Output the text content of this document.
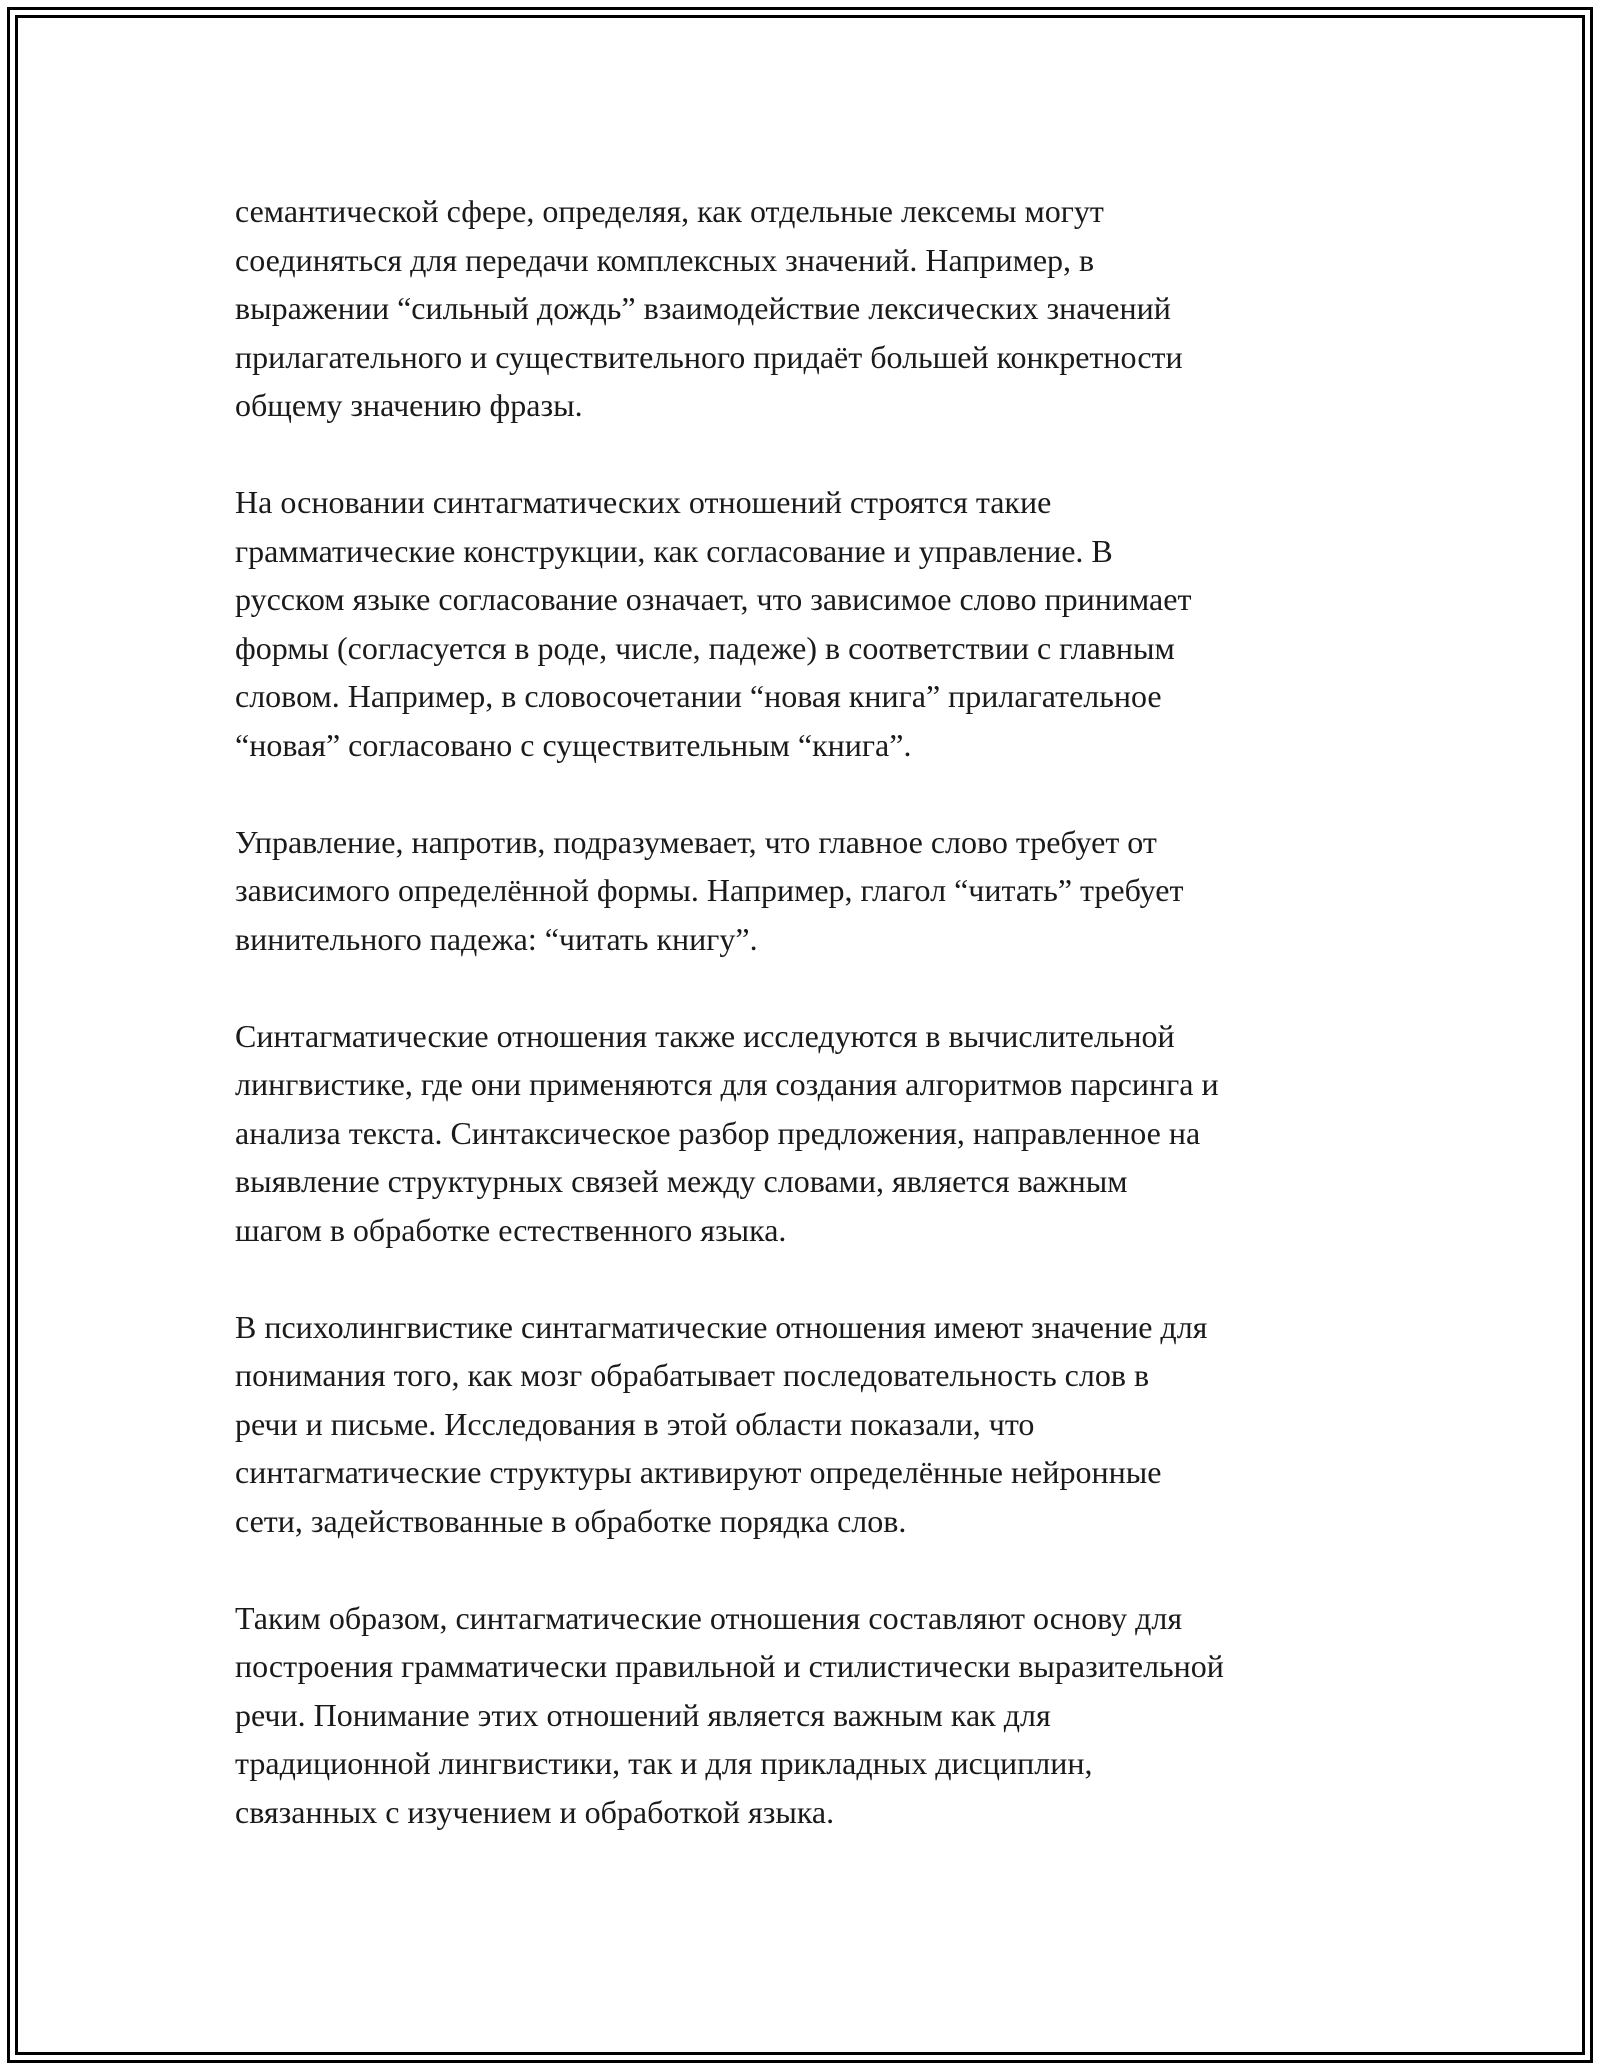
семантической сфере, определяя, как отдельные лексемы могут
соединяться для передачи комплексных значений. Например, в
выражении “сильный дождь” взаимодействие лексических значений
прилагательного и существительного придаёт большей конкретности
общему значению фразы.

На основании синтагматических отношений строятся такие
грамматические конструкции, как согласование и управление. В
русском языке согласование означает, что зависимое слово принимает
формы (согласуется в роде, числе, падеже) в соответствии с главным
словом. Например, в словосочетании “новая книга” прилагательное
“новая” согласовано с существительным “книга”.

Управление, напротив, подразумевает, что главное слово требует от
зависимого определённой формы. Например, глагол “читать” требует
винительного падежа: “читать книгу”.

Синтагматические отношения также исследуются в вычислительной
лингвистике, где они применяются для создания алгоритмов парсинга и
анализа текста. Синтаксическое разбор предложения, направленное на
выявление структурных связей между словами, является важным
шагом в обработке естественного языка.

В психолингвистике синтагматические отношения имеют значение для
понимания того, как мозг обрабатывает последовательность слов в
речи и письме. Исследования в этой области показали, что
синтагматические структуры активируют определённые нейронные
сети, задействованные в обработке порядка слов.

Таким образом, синтагматические отношения составляют основу для
построения грамматически правильной и стилистически выразительной
речи. Понимание этих отношений является важным как для
традиционной лингвистики, так и для прикладных дисциплин,
связанных с изучением и обработкой языка.
